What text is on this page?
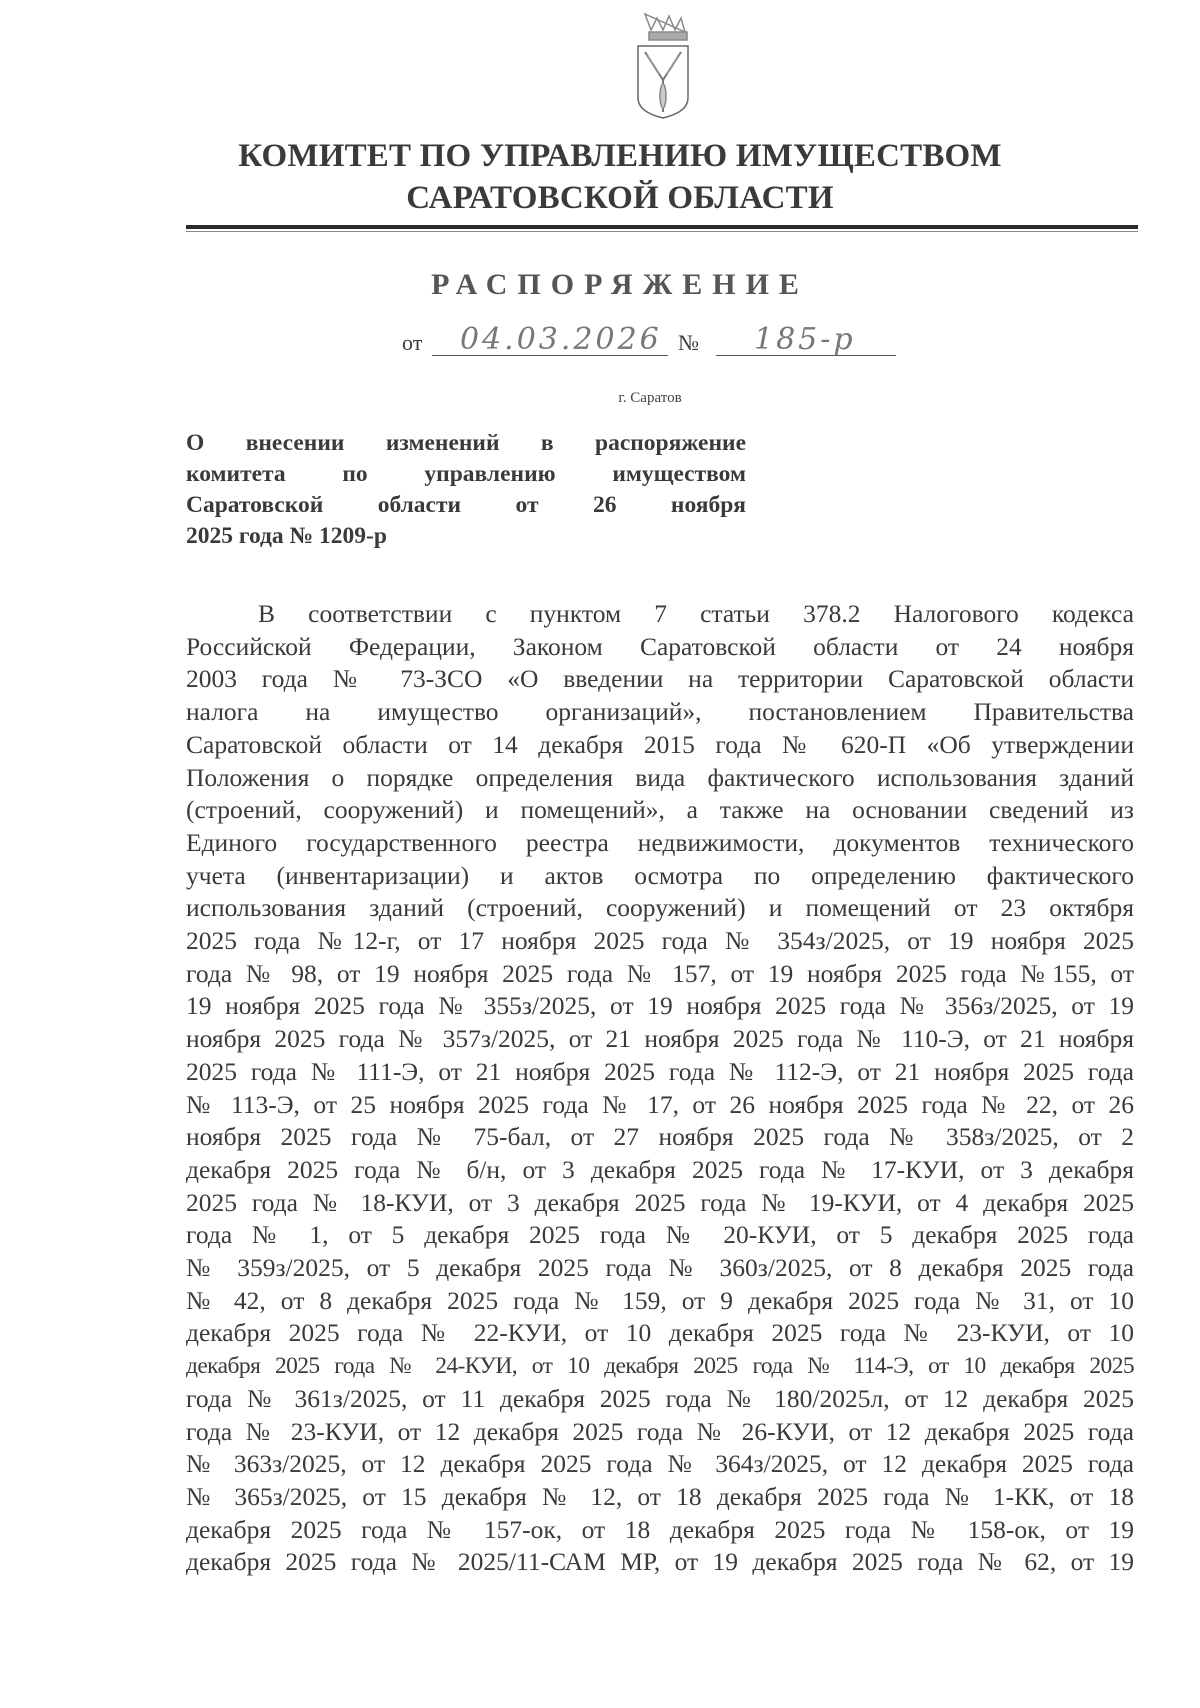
КОМИТЕТ ПО УПРАВЛЕНИЮ ИМУЩЕСТВОМ
САРАТОВСКОЙ ОБЛАСТИ
РАСПОРЯЖЕНИЕ
от	04.03.2026 №	185-р
г. Саратов
О внесении изменений в распоряжение
комитета по управлению имуществом
Саратовской области от 26 ноября
2025 года № 1209-р
В соответствии с пунктом 7 статьи 378.2 Налогового кодекса
Российской Федерации, Законом Саратовской области от 24 ноября
2003 года № 73-ЗСО «О введении на территории Саратовской области
налога на имущество организаций», постановлением Правительства
Саратовской области от 14 декабря 2015 года № 620-П «Об утверждении
Положения о порядке определения вида фактического использования зданий
(строений, сооружений) и помещений», а также на основании сведений из
Единого государственного реестра недвижимости, документов технического
учета (инвентаризации) и актов осмотра по определению фактического
использования зданий (строений, сооружений) и помещений от 23 октября
2025 года №12-г, от 17 ноября 2025 года № 354з/2025, от 19 ноября 2025
года № 98, от 19 ноября 2025 года № 157, от 19 ноября 2025 года №155, от
19 ноября 2025 года № 355з/2025, от 19 ноября 2025 года № 356з/2025, от 19
ноября 2025 года № 357з/2025, от 21 ноября 2025 года № 110-Э, от 21 ноября
2025 года № 111-Э, от 21 ноября 2025 года № 112-Э, от 21 ноября 2025 года
№ 113-Э, от 25 ноября 2025 года № 17, от 26 ноября 2025 года № 22, от 26
ноября 2025 года № 75-бал, от 27 ноября 2025 года № 358з/2025, от 2
декабря 2025 года № б/н, от 3 декабря 2025 года № 17-КУИ, от 3 декабря
2025 года № 18-КУИ, от 3 декабря 2025 года № 19-КУИ, от 4 декабря 2025
года № 1, от 5 декабря 2025 года № 20-КУИ, от 5 декабря 2025 года
№ 359з/2025, от 5 декабря 2025 года № 360з/2025, от 8 декабря 2025 года
№ 42, от 8 декабря 2025 года № 159, от 9 декабря 2025 года № 31, от 10
декабря 2025 года № 22-КУИ, от 10 декабря 2025 года № 23-КУИ, от 10
декабря 2025 года № 24-КУИ, от 10 декабря 2025 года № 114-Э, от 10 декабря 2025
года № 361з/2025, от 11 декабря 2025 года № 180/2025л, от 12 декабря 2025
года № 23-КУИ, от 12 декабря 2025 года № 26-КУИ, от 12 декабря 2025 года
№ 363з/2025, от 12 декабря 2025 года № 364з/2025, от 12 декабря 2025 года
№ 365з/2025, от 15 декабря № 12, от 18 декабря 2025 года № 1-КК, от 18
декабря 2025 года № 157-ок, от 18 декабря 2025 года № 158-ок, от 19
декабря 2025 года № 2025/11-САМ МР, от 19 декабря 2025 года № 62, от 19
